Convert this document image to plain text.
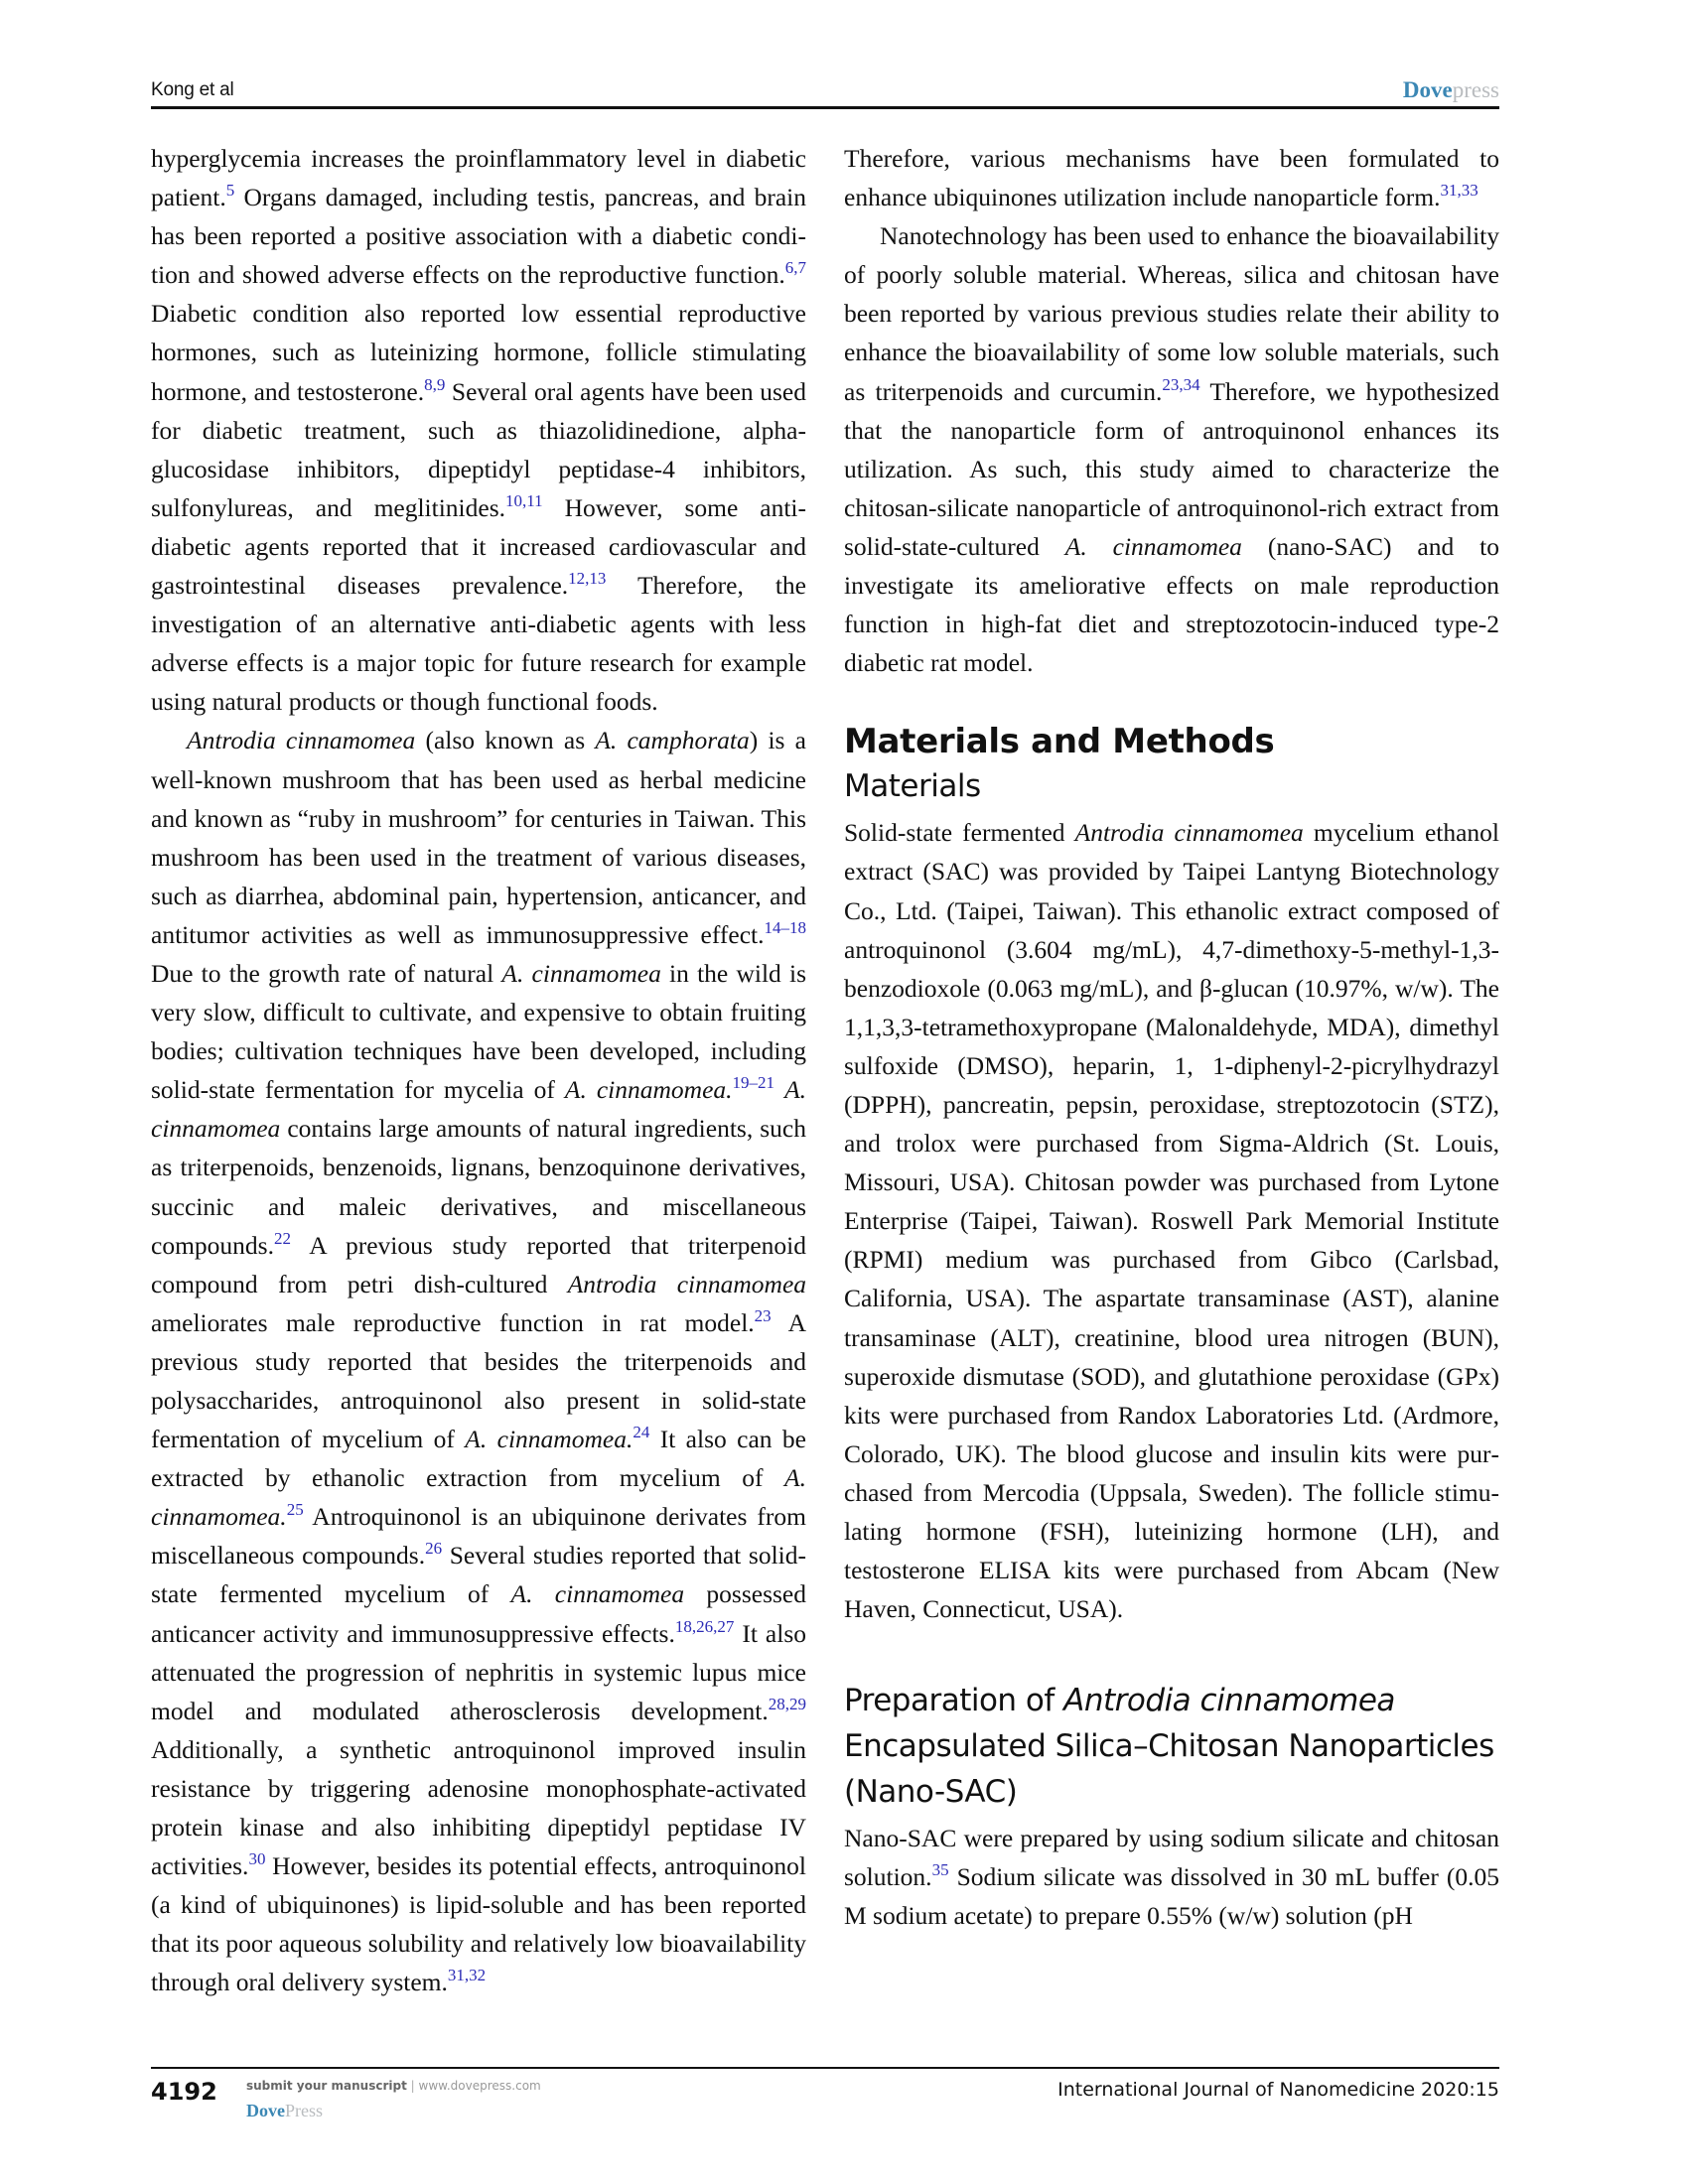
Kong et al	Dovepress

hyperglycemia increases the proinflammatory level in diabetic patient.$^5$ Organs damaged, including testis, pancreas, and brain has been reported a positive association with a diabetic condition and showed adverse effects on the reproductive function.$^{6,7}$ Diabetic condition also reported low essential reproductive hormones, such as luteinizing hormone, follicle stimulating hormone, and testosterone.$^{8,9}$ Several oral agents have been used for diabetic treatment, such as thiazolidinedione, alpha-glucosidase inhibitors, dipeptidyl peptidase-4 inhibitors, sulfonylureas, and meglitinides.$^{10,11}$ However, some anti-diabetic agents reported that it increased cardiovascular and gastrointestinal diseases prevalence.$^{12,13}$ Therefore, the investigation of an alternative anti-diabetic agents with less adverse effects is a major topic for future research for example using natural products or though functional foods.

Antrodia cinnamomea (also known as A. camphorata) is a well-known mushroom that has been used as herbal medicine and known as “ruby in mushroom” for centuries in Taiwan. This mushroom has been used in the treatment of various diseases, such as diarrhea, abdominal pain, hypertension, anticancer, and antitumor activities as well as immunosuppressive effect.$^{14-18}$ Due to the growth rate of natural A. cinnamomea in the wild is very slow, difficult to cultivate, and expensive to obtain fruiting bodies; cultivation techniques have been developed, including solid-state fermentation for mycelia of A. cinnamomea.$^{19-21}$ A. cinnamomea contains large amounts of natural ingredients, such as triterpenoids, benzenoids, lignans, benzoquinone derivatives, succinic and maleic derivatives, and miscellaneous compounds.$^{22}$ A previous study reported that triterpenoid compound from petri dish-cultured Antrodia cinnamomea ameliorates male reproductive function in rat model.$^{23}$ A previous study reported that besides the triterpenoids and polysaccharides, antroquinonol also present in solid-state fermentation of mycelium of A. cinnamomea.$^{24}$ It also can be extracted by ethanolic extraction from mycelium of A. cinnamomea.$^{25}$ Antroquinonol is an ubiquinone derivates from miscellaneous compounds.$^{26}$ Several studies reported that solid-state fermented mycelium of A. cinnamomea possessed anticancer activity and immunosuppressive effects.$^{18,26,27}$ It also attenuated the progression of nephritis in systemic lupus mice model and modulated atherosclerosis development.$^{28,29}$ Additionally, a synthetic antroquinonol improved insulin resistance by triggering adenosine monophosphate-activated protein kinase and also inhibiting dipeptidyl peptidase IV activities.$^{30}$ However, besides its potential effects, antroquinonol (a kind of ubiquinones) is lipid-soluble and has been reported that its poor aqueous solubility and relatively low bioavailability through oral delivery system.$^{31,32}$

Therefore, various mechanisms have been formulated to enhance ubiquinones utilization include nanoparticle form.$^{31,33}$

Nanotechnology has been used to enhance the bioavailability of poorly soluble material. Whereas, silica and chitosan have been reported by various previous studies relate their ability to enhance the bioavailability of some low soluble materials, such as triterpenoids and curcumin.$^{23,34}$ Therefore, we hypothesized that the nanoparticle form of antroquinonol enhances its utilization. As such, this study aimed to characterize the chitosan-silicate nanoparticle of antroquinonol-rich extract from solid-state-cultured A. cinnamomea (nano-SAC) and to investigate its ameliorative effects on male reproduction function in high-fat diet and streptozotocin-induced type-2 diabetic rat model.

Materials and Methods
Materials

Solid-state fermented Antrodia cinnamomea mycelium ethanol extract (SAC) was provided by Taipei Lantyng Biotechnology Co., Ltd. (Taipei, Taiwan). This ethanolic extract composed of antroquinonol (3.604 mg/mL), 4,7-dimethoxy-5-methyl-1,3-benzodioxole (0.063 mg/mL), and β-glucan (10.97%, w/w). The 1,1,3,3-tetramethoxypropane (Malonaldehyde, MDA), dimethyl sulfoxide (DMSO), heparin, 1, 1-diphenyl-2-picrylhydrazyl (DPPH), pancreatin, pepsin, peroxidase, streptozotocin (STZ), and trolox were purchased from Sigma-Aldrich (St. Louis, Missouri, USA). Chitosan powder was purchased from Lytone Enterprise (Taipei, Taiwan). Roswell Park Memorial Institute (RPMI) medium was purchased from Gibco (Carlsbad, California, USA). The aspartate transaminase (AST), alanine transaminase (ALT), creatinine, blood urea nitrogen (BUN), superoxide dismutase (SOD), and glutathione peroxidase (GPx) kits were purchased from Randox Laboratories Ltd. (Ardmore, Colorado, UK). The blood glucose and insulin kits were purchased from Mercodia (Uppsala, Sweden). The follicle stimulating hormone (FSH), luteinizing hormone (LH), and testosterone ELISA kits were purchased from Abcam (New Haven, Connecticut, USA).

Preparation of Antrodia cinnamomea Encapsulated Silica–Chitosan Nanoparticles (Nano-SAC)

Nano-SAC were prepared by using sodium silicate and chitosan solution.$^{35}$ Sodium silicate was dissolved in 30 mL buffer (0.05 M sodium acetate) to prepare 0.55% (w/w) solution (pH

4192 submit your manuscript | www.dovepress.com
DovePress
International Journal of Nanomedicine 2020:15
